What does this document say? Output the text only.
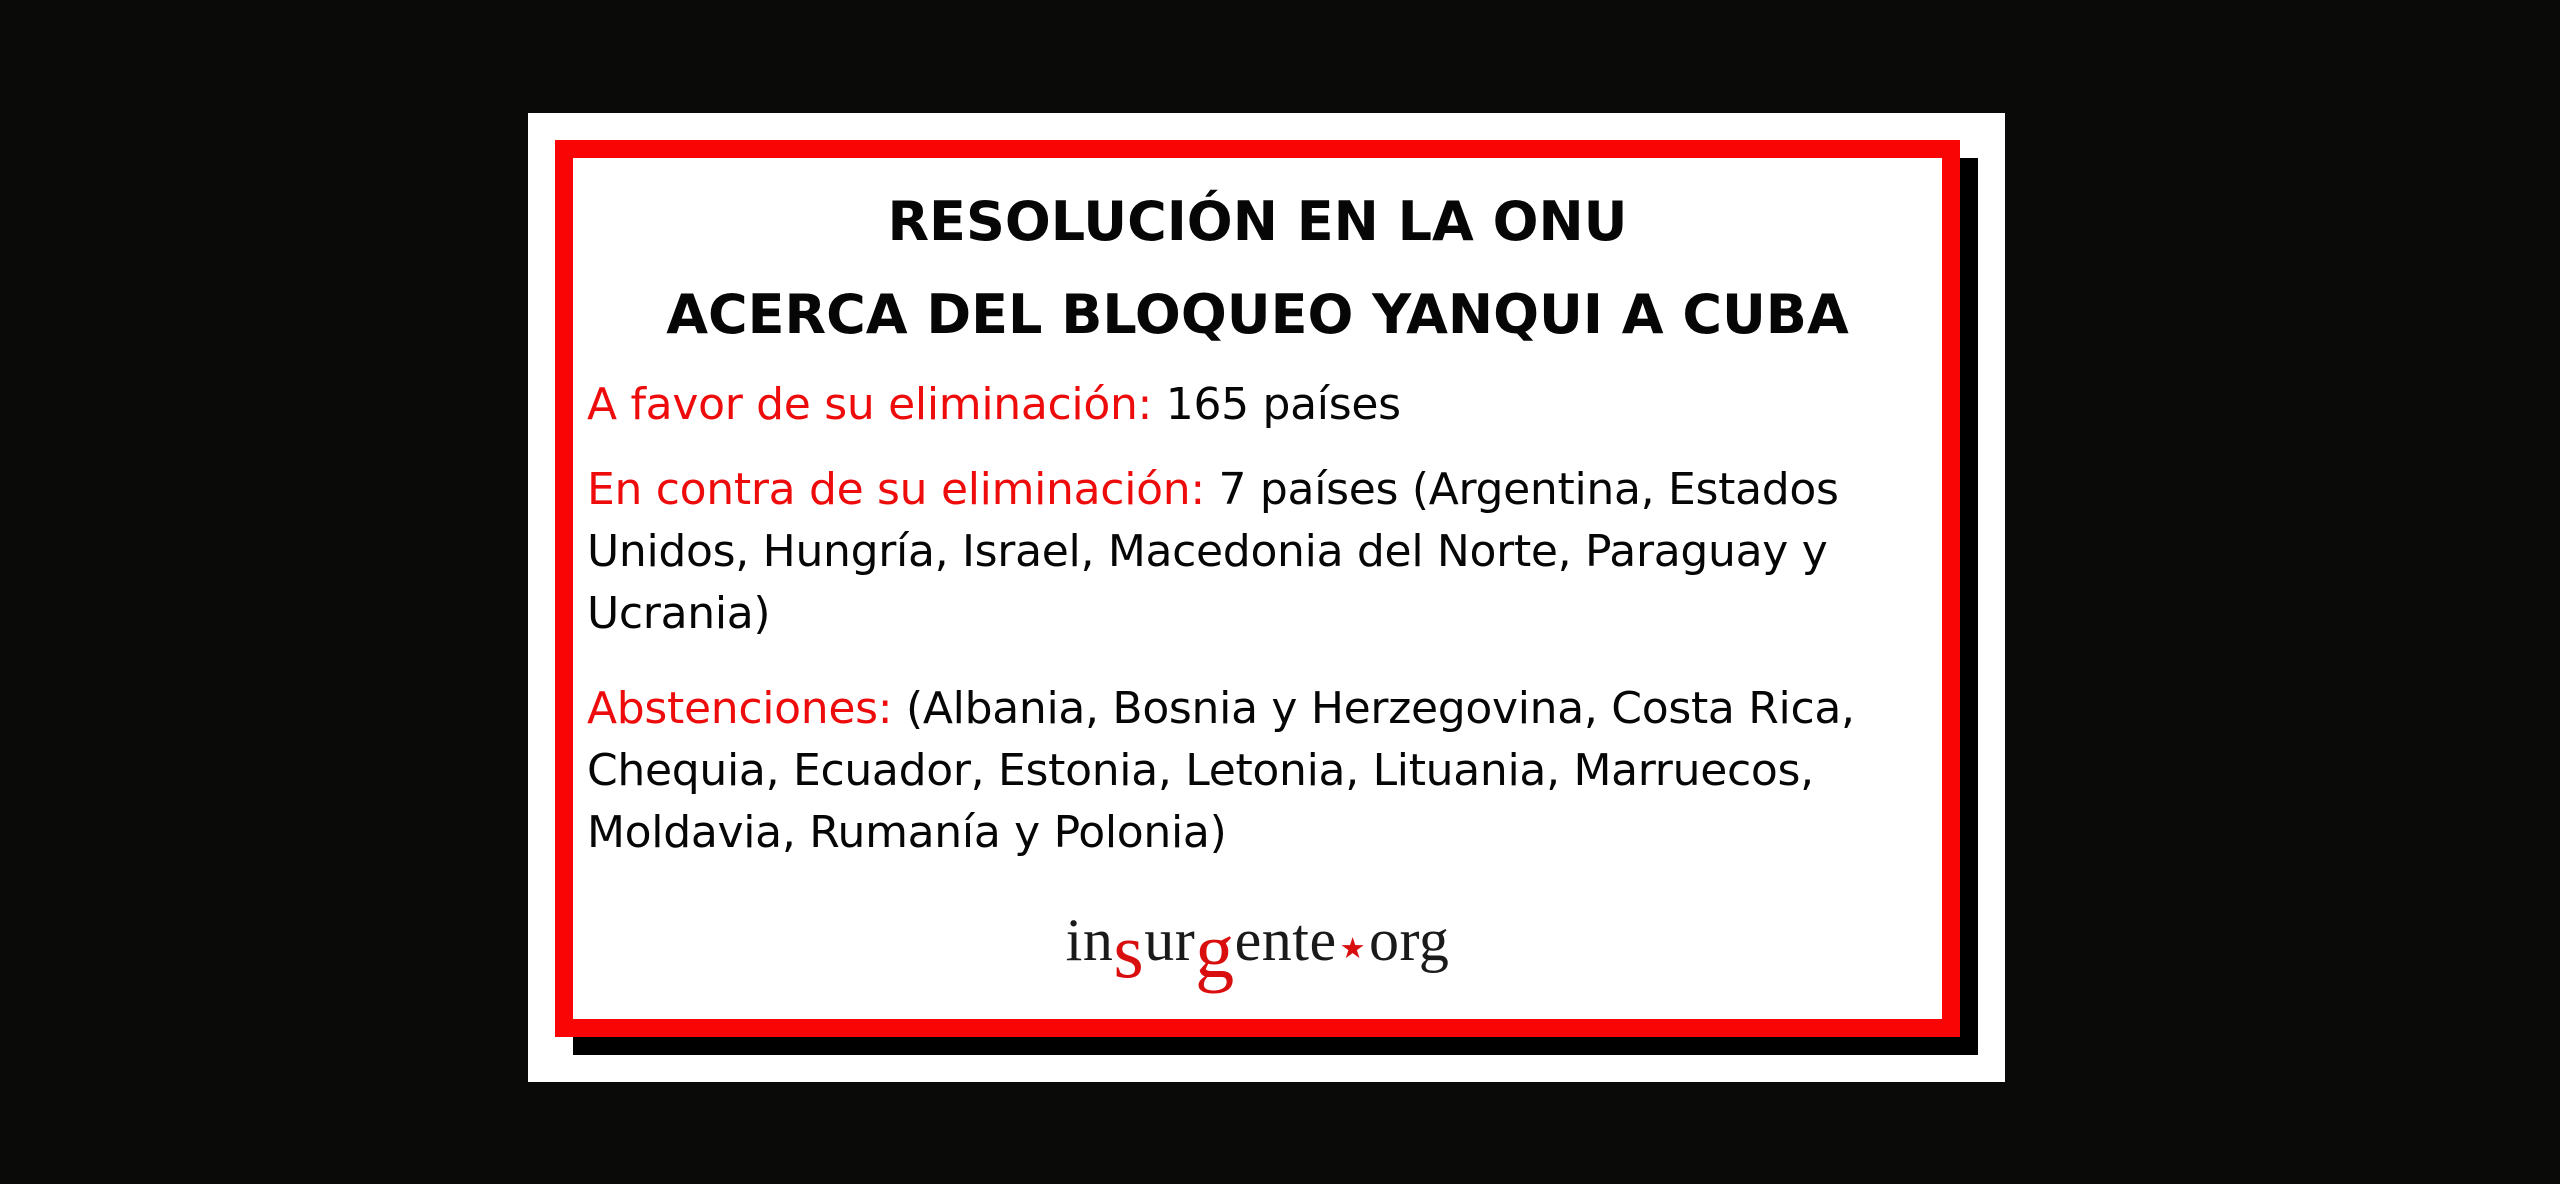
RESOLUCIÓN EN LA ONU
ACERCA DEL BLOQUEO YANQUI A CUBA

A favor de su eliminación: 165 países

En contra de su eliminación: 7 países (Argentina, Estados Unidos, Hungría, Israel, Macedonia del Norte, Paraguay y Ucrania)

Abstenciones: (Albania, Bosnia y Herzegovina, Costa Rica, Chequia, Ecuador, Estonia, Letonia, Lituania, Marruecos, Moldavia, Rumanía y Polonia)

insurgente ★org
